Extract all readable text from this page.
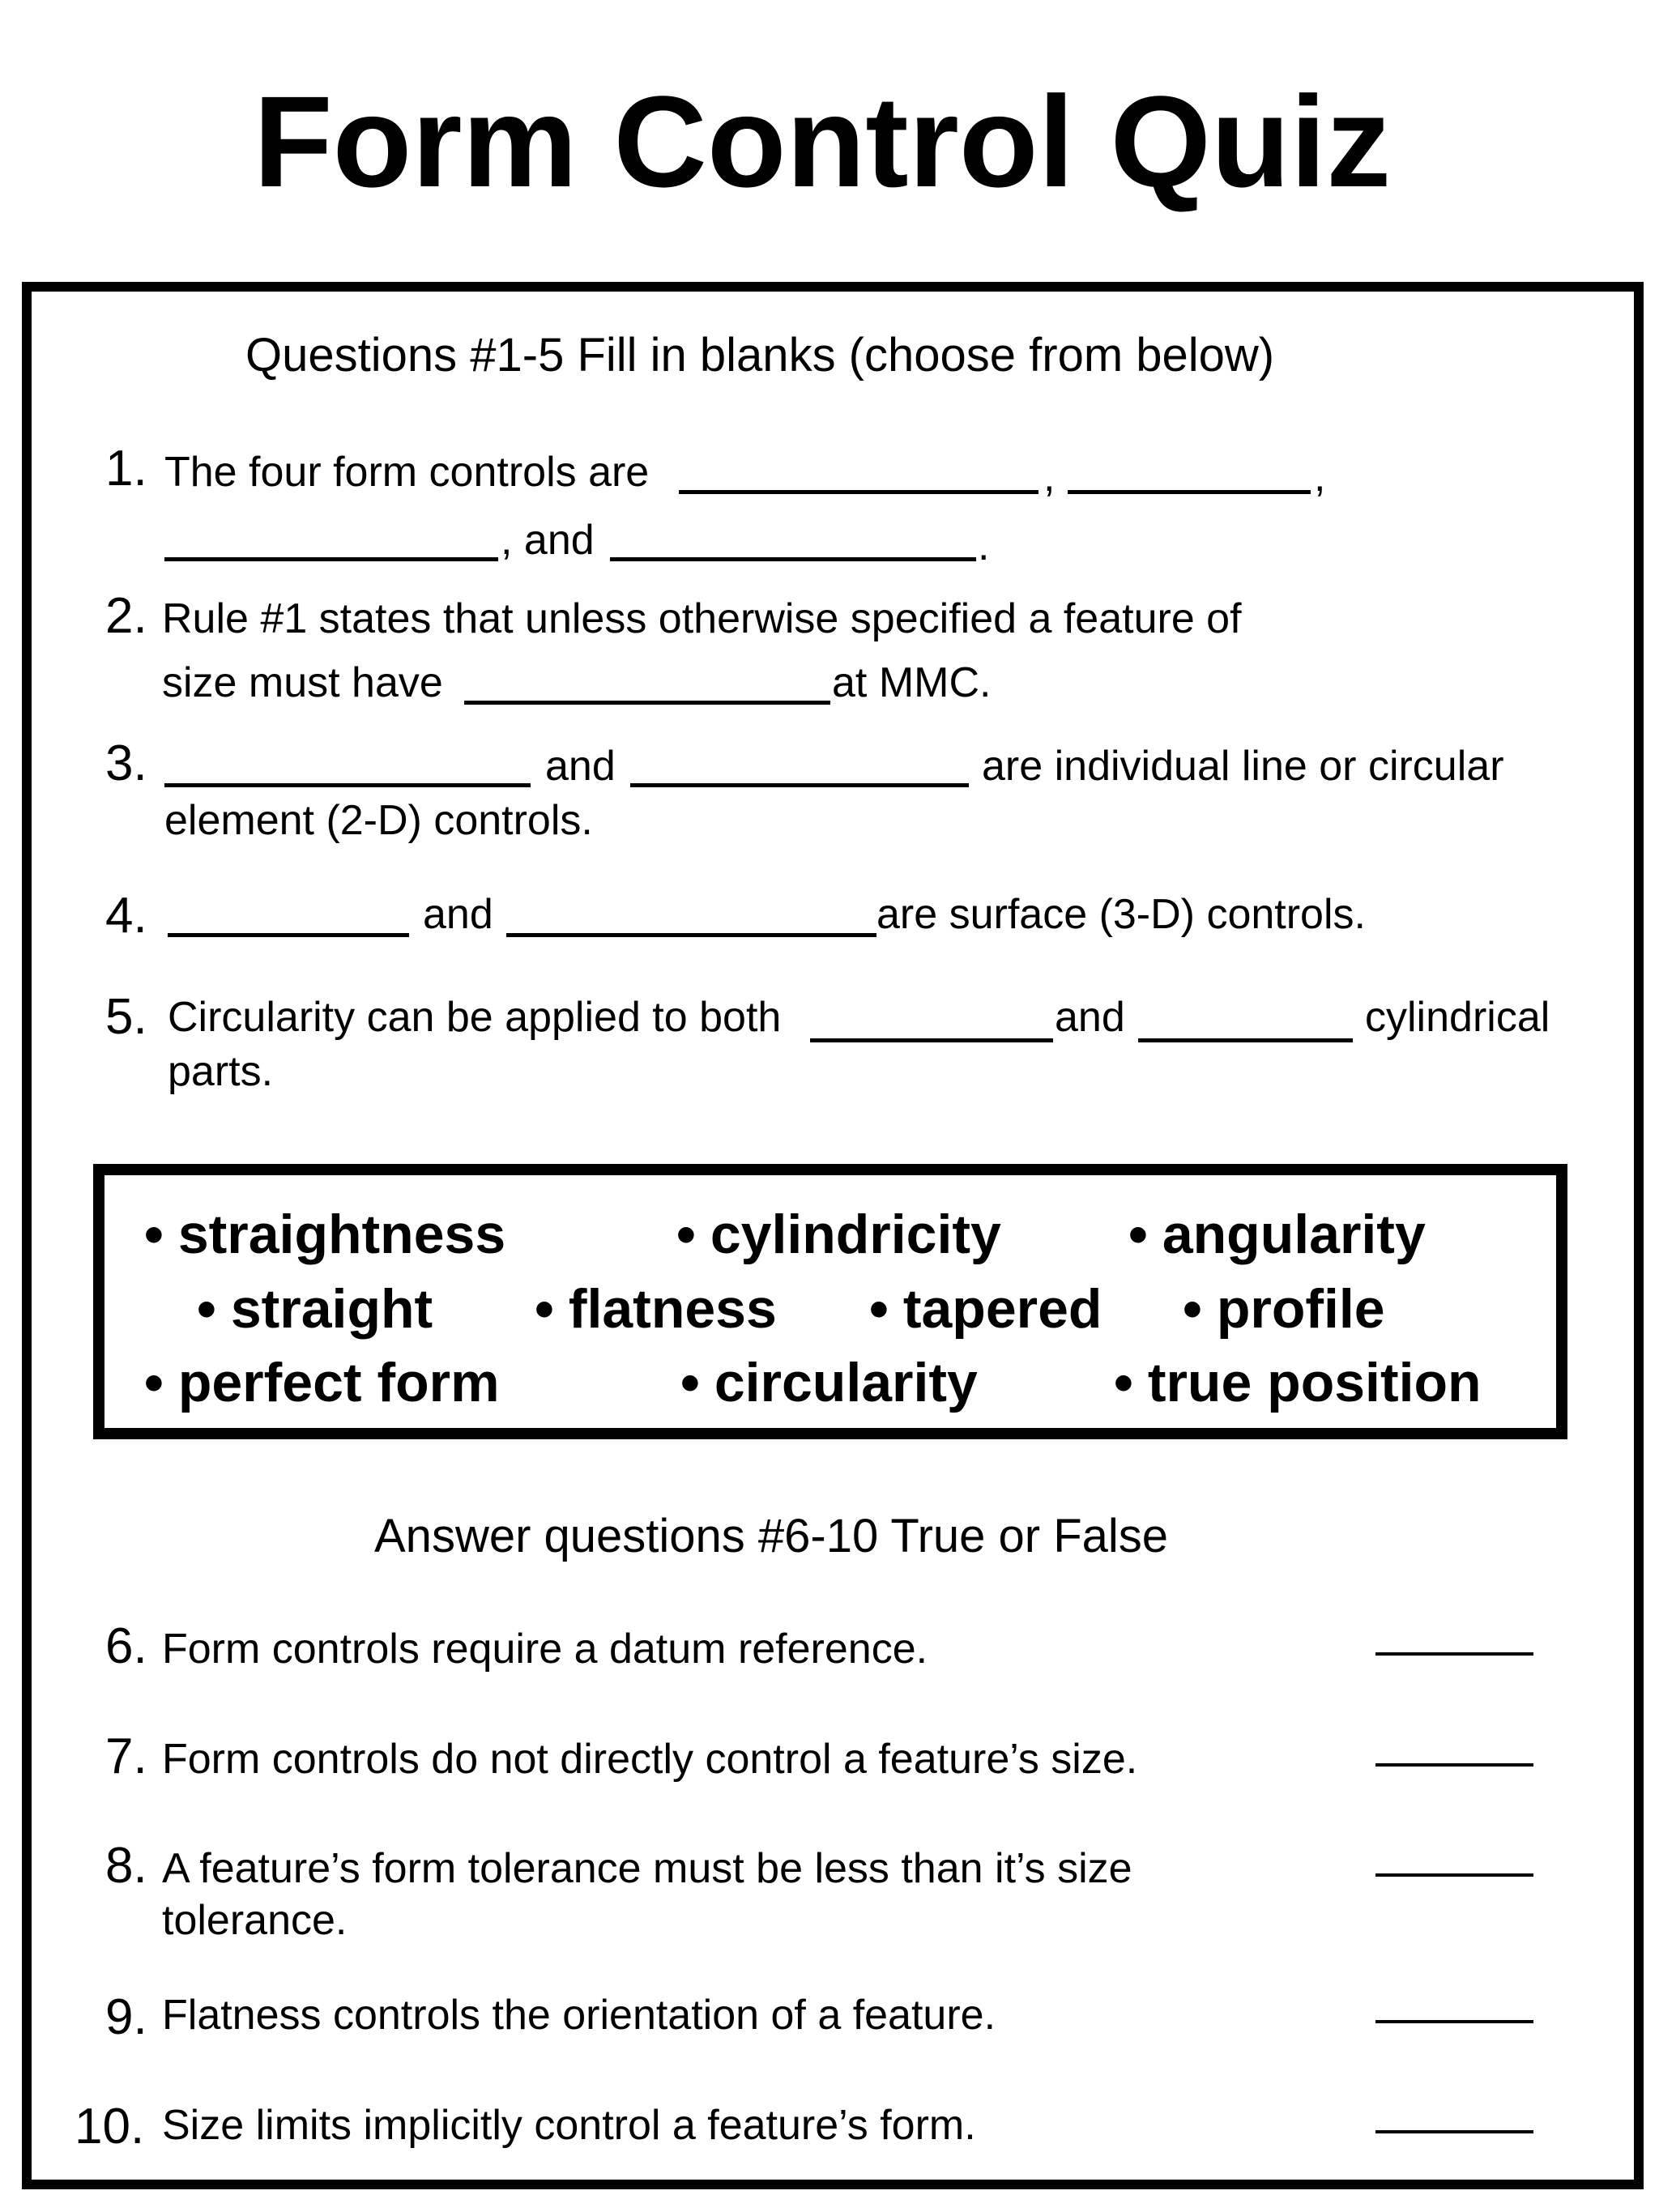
Form Control Quiz
Questions #1-5 Fill in blanks (choose from below)
1. The four form controls are	,	,
, and	.
2. Rule #1 states that unless otherwise specified a feature of
size must have	at MMC.
3.	and	are individual line or circular
element (2-D) controls.
4.	and	are surface (3-D) controls.
5. Circularity can be applied to both	and	cylindrical
parts.
• straightness	• cylindricity • angularity
• straight • flatness • tapered • profile
• perfect form	• circularity • true position
Answer questions #6-10 True or False
6. Form controls require a datum reference.
7. Form controls do not directly control a feature’s size.
8. A feature’s form tolerance must be less than it’s size
tolerance.
9. Flatness controls the orientation of a feature.
10. Size limits implicitly control a feature’s form.
